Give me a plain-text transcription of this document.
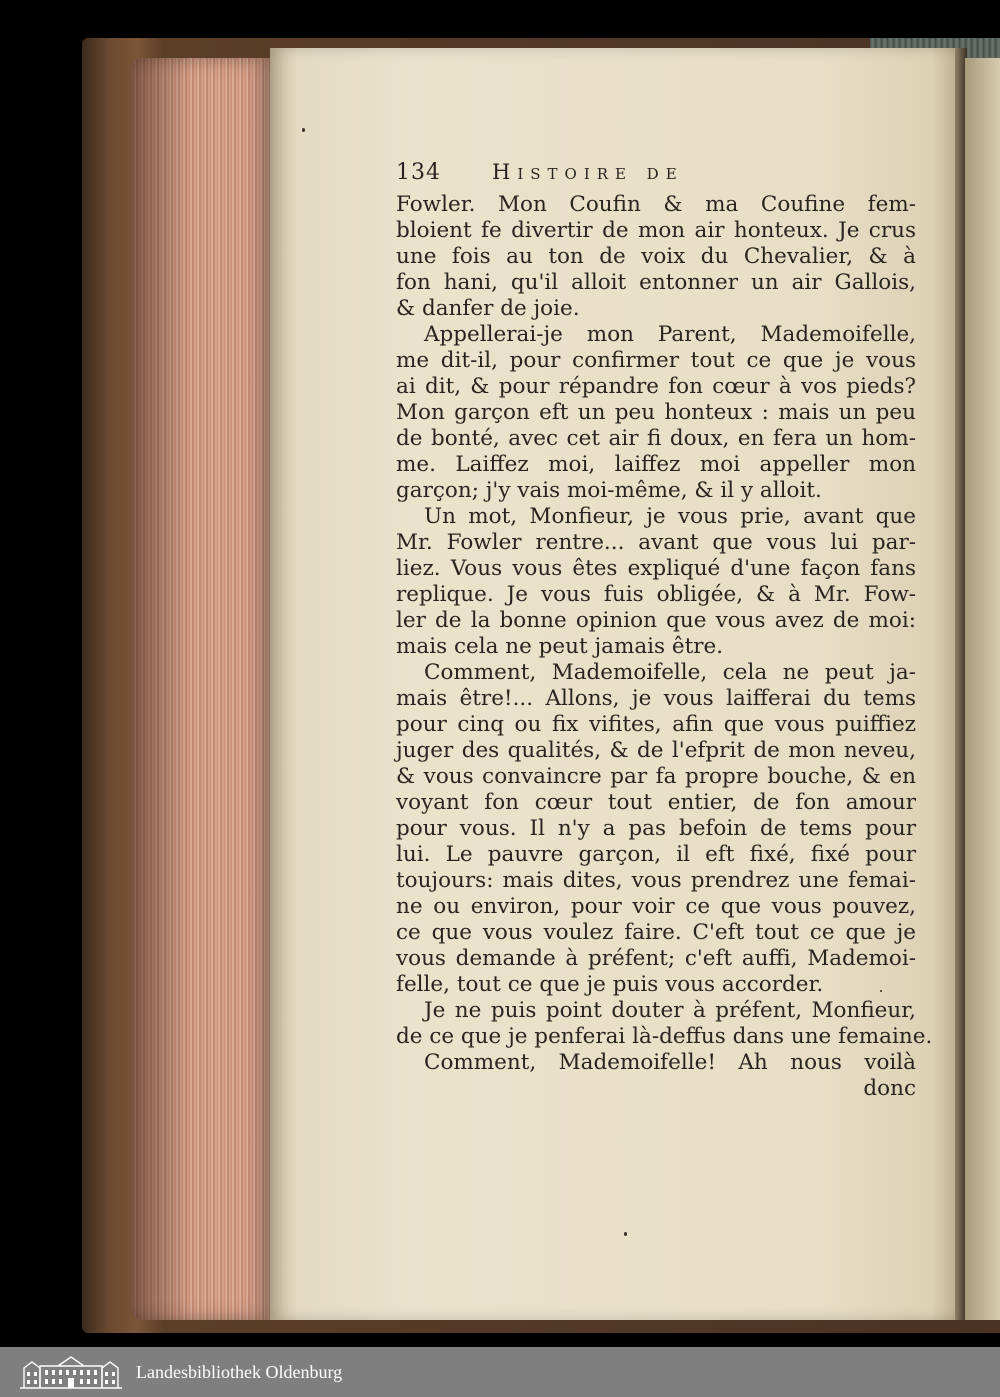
134 Histoire de
Fowler. Mon Coufin & ma Coufine fem-
bloient fe divertir de mon air honteux. Je crus
une fois au ton de voix du Chevalier, & à
fon hani, qu'il alloit entonner un air Gallois,
& danfer de joie.
Appellerai-je mon Parent, Mademoifelle,
me dit-il, pour confirmer tout ce que je vous
ai dit, & pour répandre fon cœur à vos pieds?
Mon garçon eft un peu honteux : mais un peu
de bonté, avec cet air fi doux, en fera un hom-
me. Laiffez moi, laiffez moi appeller mon
garçon; j'y vais moi-même, & il y alloit.
Un mot, Monfieur, je vous prie, avant que
Mr. Fowler rentre... avant que vous lui par-
liez. Vous vous êtes expliqué d'une façon fans
replique. Je vous fuis obligée, & à Mr. Fow-
ler de la bonne opinion que vous avez de moi:
mais cela ne peut jamais être.
Comment, Mademoifelle, cela ne peut ja-
mais être!... Allons, je vous laifferai du tems
pour cinq ou fix vifites, afin que vous puiffiez
juger des qualités, & de l'efprit de mon neveu,
& vous convaincre par fa propre bouche, & en
voyant fon cœur tout entier, de fon amour
pour vous. Il n'y a pas befoin de tems pour
lui. Le pauvre garçon, il eft fixé, fixé pour
toujours: mais dites, vous prendrez une femai-
ne ou environ, pour voir ce que vous pouvez,
ce que vous voulez faire. C'eft tout ce que je
vous demande à préfent; c'eft auffi, Mademoi-
felle, tout ce que je puis vous accorder.
Je ne puis point douter à préfent, Monfieur,
de ce que je penferai là-deffus dans une femaine.
Comment, Mademoifelle! Ah nous voilà
donc
Landesbibliothek Oldenburg
